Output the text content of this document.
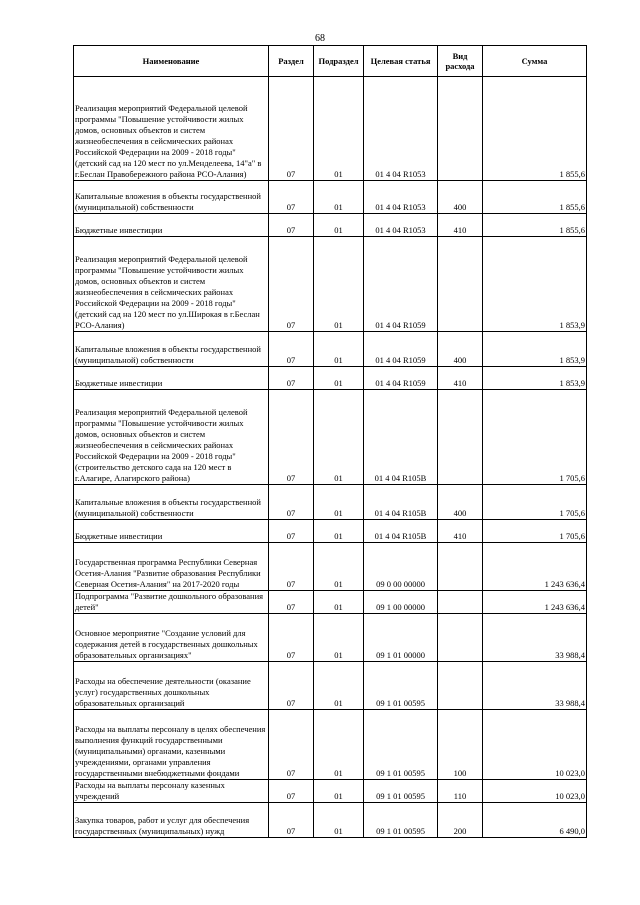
68
Наименование	Раздел	Подраздел	Целевая статья	Вид расхода	Сумма
Реализация мероприятий Федеральной целевой программы "Повышение устойчивости жилых домов, основных объектов и систем жизнеобеспечения в сейсмических районах Российской Федерации на 2009 - 2018 годы" (детский сад на 120 мест по ул.Менделеева, 14"а" в г.Беслан Правобережного района РСО-Алания)	07	01	01 4 04 R1053		1 855,6
Капитальные вложения в объекты государственной (муниципальной) собственности	07	01	01 4 04 R1053	400	1 855,6
Бюджетные инвестиции	07	01	01 4 04 R1053	410	1 855,6
Реализация мероприятий Федеральной целевой программы "Повышение устойчивости жилых домов, основных объектов и систем жизнеобеспечения в сейсмических районах Российской Федерации на 2009 - 2018 годы" (детский сад на 120 мест по ул.Широкая в г.Беслан РСО-Алания)	07	01	01 4 04 R1059		1 853,9
Капитальные вложения в объекты государственной (муниципальной) собственности	07	01	01 4 04 R1059	400	1 853,9
Бюджетные инвестиции	07	01	01 4 04 R1059	410	1 853,9
Реализация мероприятий Федеральной целевой программы "Повышение устойчивости жилых домов, основных объектов и систем жизнеобеспечения в сейсмических районах Российской Федерации на 2009 - 2018 годы" (строительство детского сада на 120 мест в г.Алагире, Алагирского района)	07	01	01 4 04 R105B		1 705,6
Капитальные вложения в объекты государственной (муниципальной) собственности	07	01	01 4 04 R105B	400	1 705,6
Бюджетные инвестиции	07	01	01 4 04 R105B	410	1 705,6
Государственная программа Республики Северная Осетия-Алания "Развитие образования Республики Северная Осетия-Алания" на 2017-2020 годы	07	01	09 0 00 00000		1 243 636,4
Подпрограмма "Развитие дошкольного образования детей"	07	01	09 1 00 00000		1 243 636,4
Основное мероприятие "Создание условий для содержания детей в государственных дошкольных образовательных организациях"	07	01	09 1 01 00000		33 988,4
Расходы на обеспечение деятельности (оказание услуг) государственных дошкольных образовательных организаций	07	01	09 1 01 00595		33 988,4
Расходы на выплаты персоналу в целях обеспечения выполнения функций государственными (муниципальными) органами, казенными учреждениями, органами управления государственными внебюджетными фондами	07	01	09 1 01 00595	100	10 023,0
Расходы на выплаты персоналу казенных учреждений	07	01	09 1 01 00595	110	10 023,0
Закупка товаров, работ и услуг для обеспечения государственных (муниципальных) нужд	07	01	09 1 01 00595	200	6 490,0
